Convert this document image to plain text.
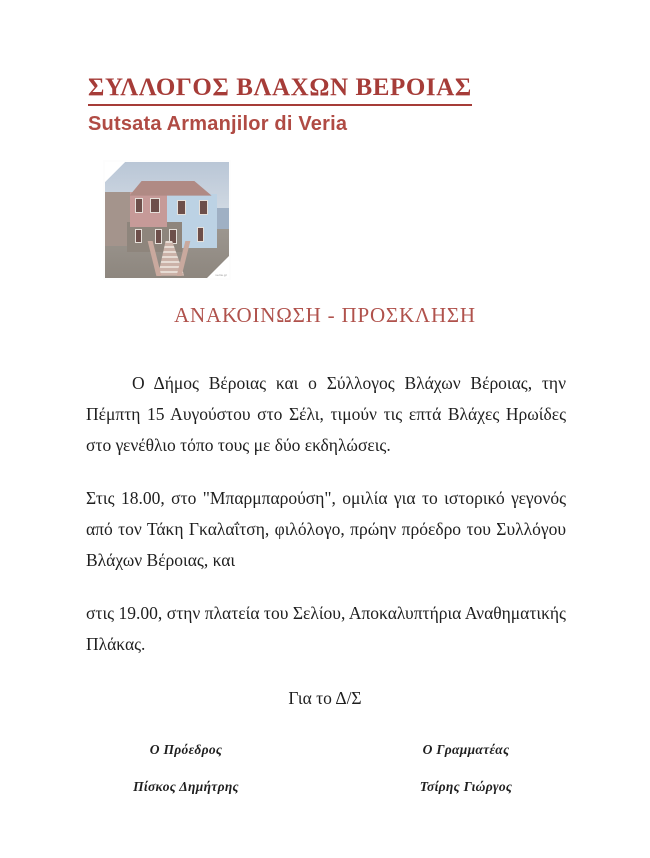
ΣΥΛΛΟΓΟΣ ΒΛΑΧΩΝ ΒΕΡΟΙΑΣ
Sutsata Armanjilor di Veria
veria.gr
ΑΝΑΚΟΙΝΩΣΗ - ΠΡΟΣΚΛΗΣΗ

Ο Δήμος Βέροιας και ο Σύλλογος Βλάχων Βέροιας, την Πέμπτη 15 Αυγούστου στο Σέλι, τιμούν τις επτά Βλάχες Ηρωίδες στο γενέθλιο τόπο τους με δύο εκδηλώσεις.

Στις 18.00, στο "Μπαρμπαρούση", ομιλία για το ιστορικό γεγονός από τον Τάκη Γκαλαΐτση, φιλόλογο, πρώην πρόεδρο του Συλλόγου Βλάχων Βέροιας, και

στις 19.00, στην πλατεία του Σελίου, Αποκαλυπτήρια Αναθηματικής Πλάκας.

Για το Δ/Σ

Ο Πρόεδρος

Πίσκος Δημήτρης

Ο Γραμματέας

Τσίρης Γιώργος
